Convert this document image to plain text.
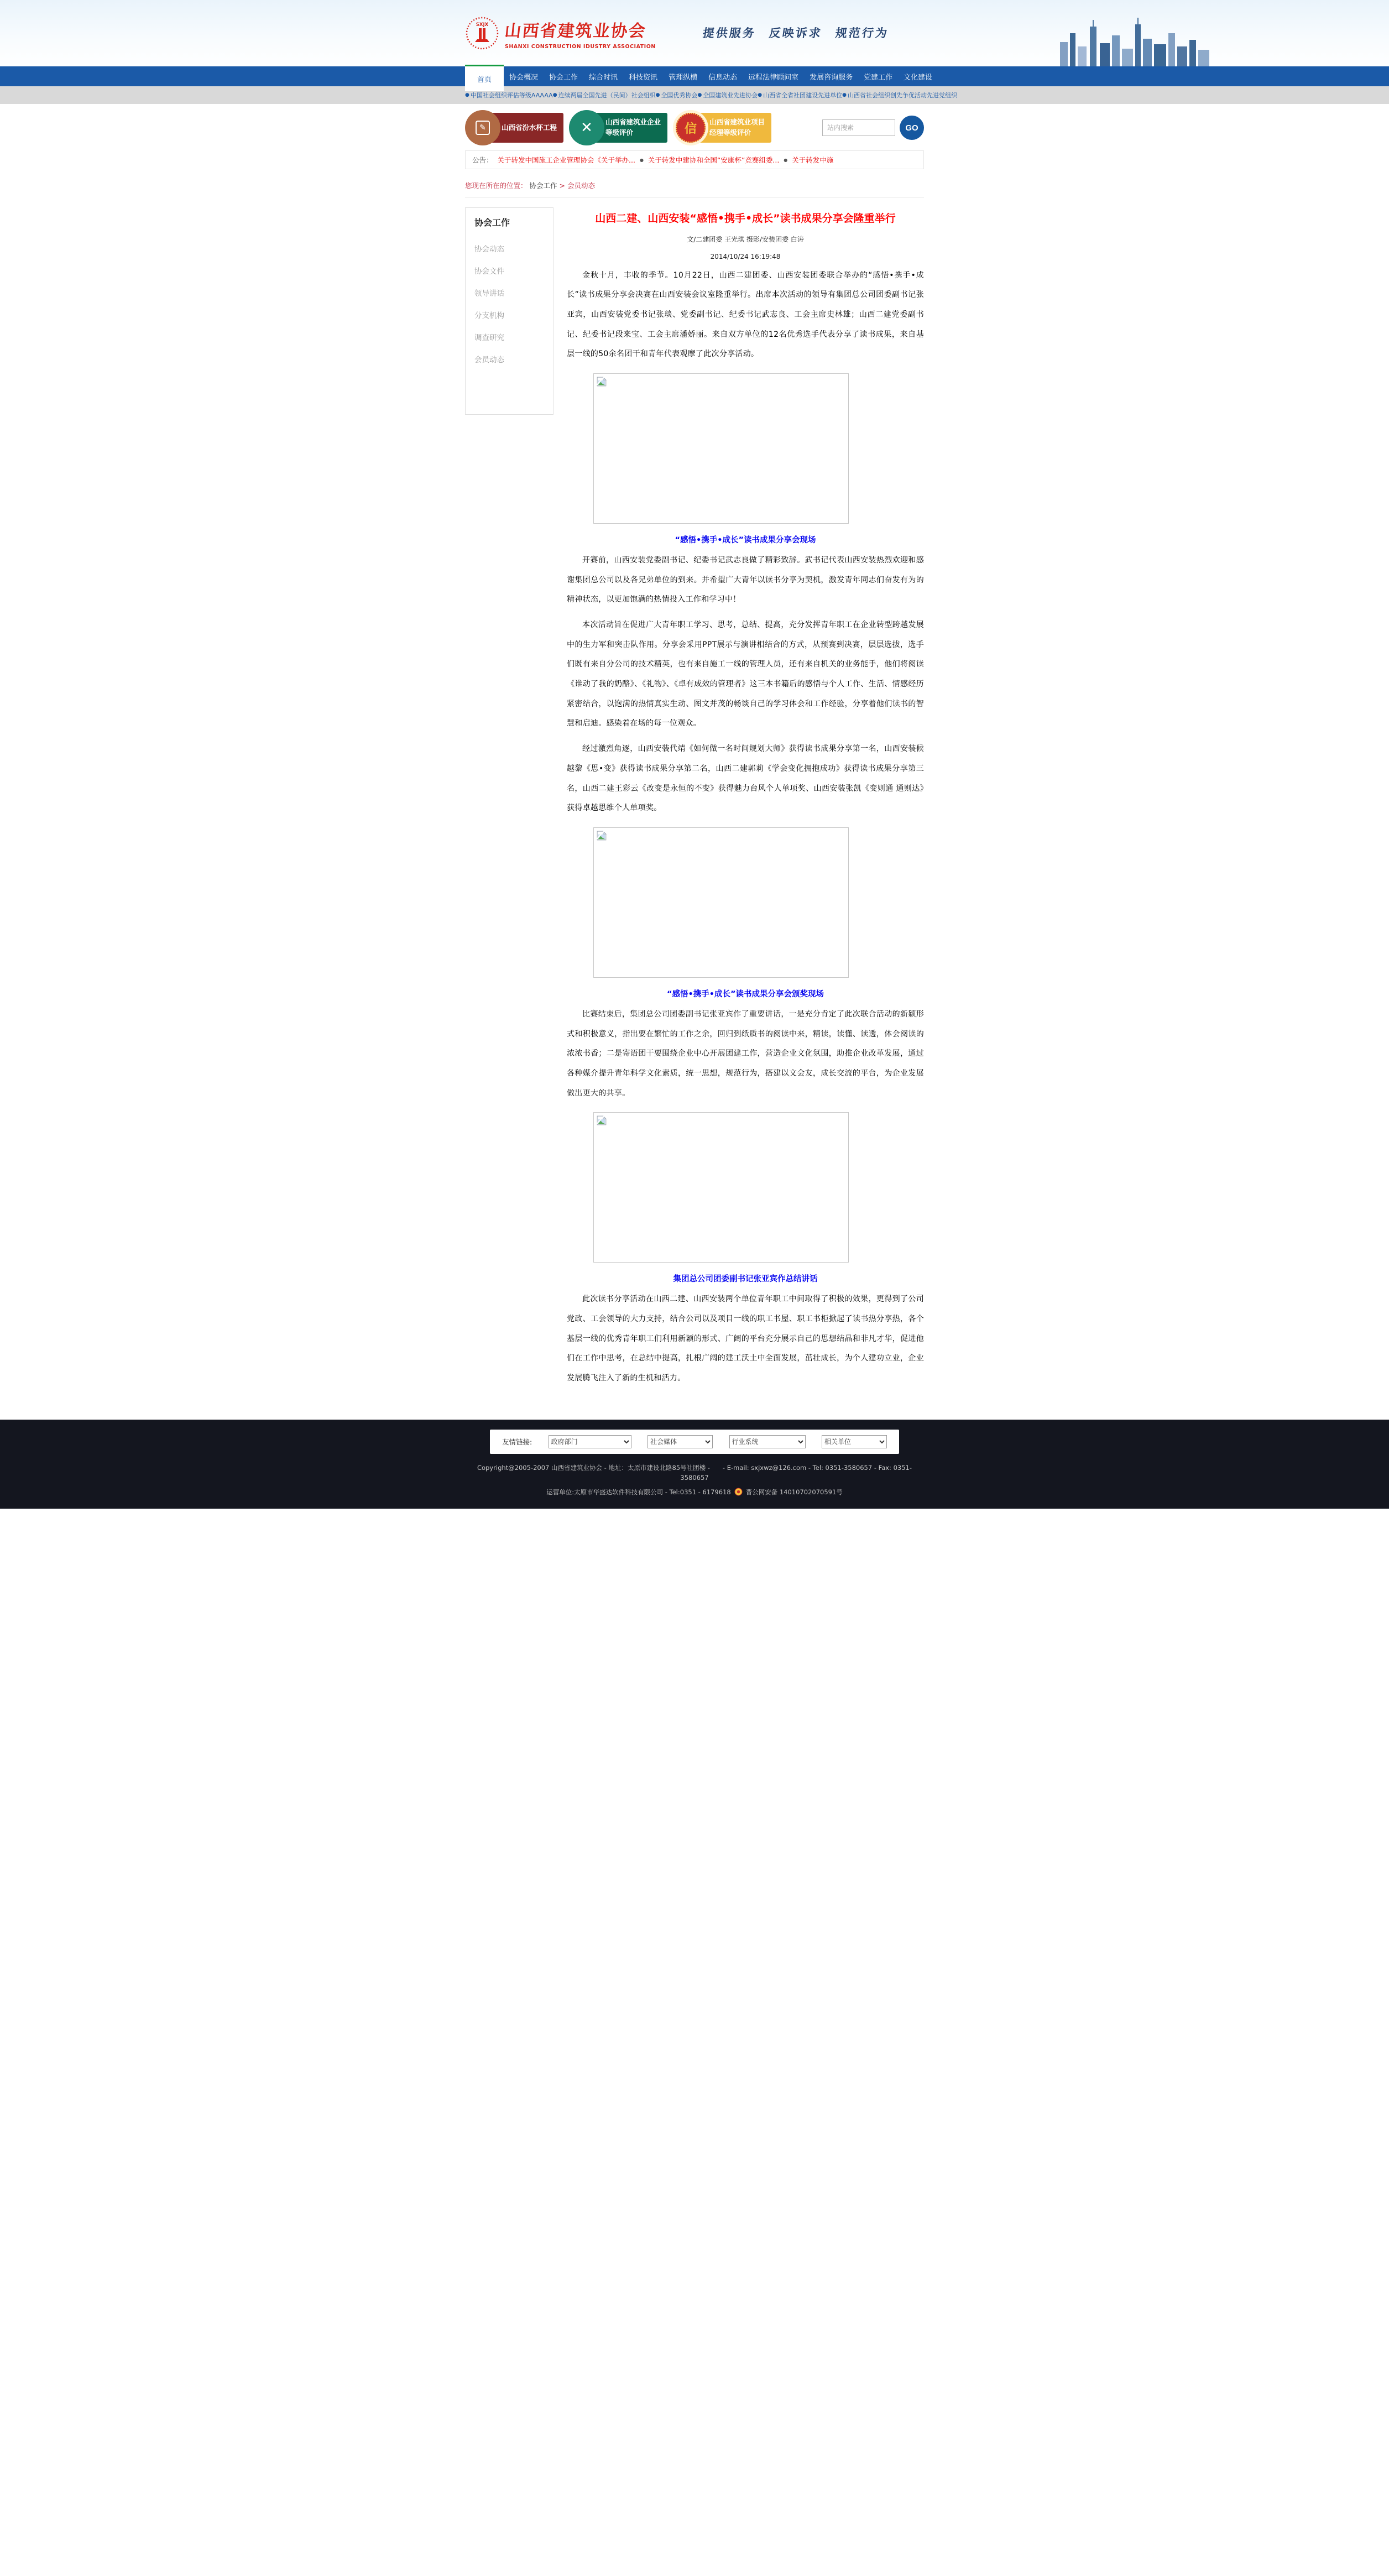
SXJX 山西省建筑业协会
SHANXI CONSTRUCTION IDUSTRY ASSOCIATION
提供服务　反映诉求　规范行为
首页	协会概况	协会工作	综合时讯	科技资讯	管理纵横	信息动态	远程法律顾问室	发展咨询服务	党建工作	文化建设
●
中国社会组织评估等级AAAAA ● 连续两届全国先进（民间）社会组织 ● 全国优秀协会 ● 全国建筑业先进协会 ● 山西省全省社团建设先进单位 ● 山西省社会组织创先争优活动先进党组织
✎	山西省汾水杯工程 ✕ 山西省建筑业企业
等级评价	信	山西省建筑业项目
经理等级评价
站内搜索	GO
公告： 关于转发中国施工企业管理协会《关于举办... ● 关于转发中建协和全国“安康杯”竞赛组委... ● 关于转发中施
您现在所在的位置： 协会工作 > 会员动态
协会工作
协会动态
协会文件
领导讲话
分支机构
调查研究
会员动态
山西二建、山西安装“感悟•携手•成长”读书成果分享会隆重举行
文/二建团委 王光琪 摄影/安装团委 白涛
2014/10/24 16:19:48

金秋十月，丰收的季节。10月22日，山西二建团委、山西安装团委联合举办的“感悟•携手•成长”读书成果分享会决赛在山西安装会议室隆重举行。出席本次活动的领导有集团总公司团委副书记张亚宾，山西安装党委书记张琰、党委副书记、纪委书记武志良、工会主席史林雄；山西二建党委副书记、纪委书记段来宝、工会主席潘娇丽。来自双方单位的12名优秀选手代表分享了读书成果，来自基层一线的50余名团干和青年代表观摩了此次分享活动。

“感悟•携手•成长”读书成果分享会现场

开赛前，山西安装党委副书记、纪委书记武志良做了精彩致辞。武书记代表山西安装热烈欢迎和感谢集团总公司以及各兄弟单位的到来。并希望广大青年以读书分享为契机，激发青年同志们奋发有为的精神状态，以更加饱满的热情投入工作和学习中！

本次活动旨在促进广大青年职工学习、思考，总结、提高，充分发挥青年职工在企业转型跨越发展中的生力军和突击队作用。分享会采用PPT展示与演讲相结合的方式，从预赛到决赛，层层选拔，选手们既有来自分公司的技术精英，也有来自施工一线的管理人员，还有来自机关的业务能手，他们将阅读《谁动了我的奶酪》、《礼物》、《卓有成效的管理者》这三本书籍后的感悟与个人工作、生活、情感经历紧密结合，以饱满的热情真实生动、图文并茂的畅谈自己的学习体会和工作经验，分享着他们读书的智慧和启迪。感染着在场的每一位观众。

经过激烈角逐，山西安装代靖《如何做一名时间规划大师》获得读书成果分享第一名，山西安装候越黎《思•变》获得读书成果分享第二名，山西二建郭莉《学会变化拥抱成功》获得读书成果分享第三名，山西二建王彩云《改变是永恒的不变》获得魅力台风个人单项奖、山西安装张凯《变则通 通则达》获得卓越思维个人单项奖。

“感悟•携手•成长”读书成果分享会颁奖现场

比赛结束后，集团总公司团委副书记张亚宾作了重要讲话，一是充分肯定了此次联合活动的新颖形式和积极意义，指出要在繁忙的工作之余，回归到纸质书的阅读中来，精读，读懂、读透，体会阅读的浓浓书香；二是寄语团干要围绕企业中心开展团建工作，营造企业文化氛围，助推企业改革发展，通过各种媒介提升青年科学文化素质，统一思想，规范行为，搭建以文会友，成长交流的平台，为企业发展做出更大的共享。

集团总公司团委副书记张亚宾作总结讲话

此次读书分享活动在山西二建、山西安装两个单位青年职工中间取得了积极的效果，更得到了公司党政、工会领导的大力支持，结合公司以及项目一线的职工书屋、职工书柜掀起了读书热分享热，各个基层一线的优秀青年职工们利用新颖的形式、广阔的平台充分展示自己的思想结晶和非凡才华，促进他们在工作中思考，在总结中提高，扎根广阔的建工沃土中全面发展，茁壮成长，为个人建功立业，企业发展腾飞注入了新的生机和活力。

友情链接:
政府部门
社会媒体
行业系统
相关单位
Copyright@2005-2007 山西省建筑业协会 - 地址：太原市建设北路85号社团楼 -　　- E-mail: sxjxwz@126.com - Tel: 0351-3580657 - Fax: 0351-3580657
运营单位:太原市华盛达软件科技有限公司 - Tel:0351 - 6179618 晋公网安备 14010702070591号
